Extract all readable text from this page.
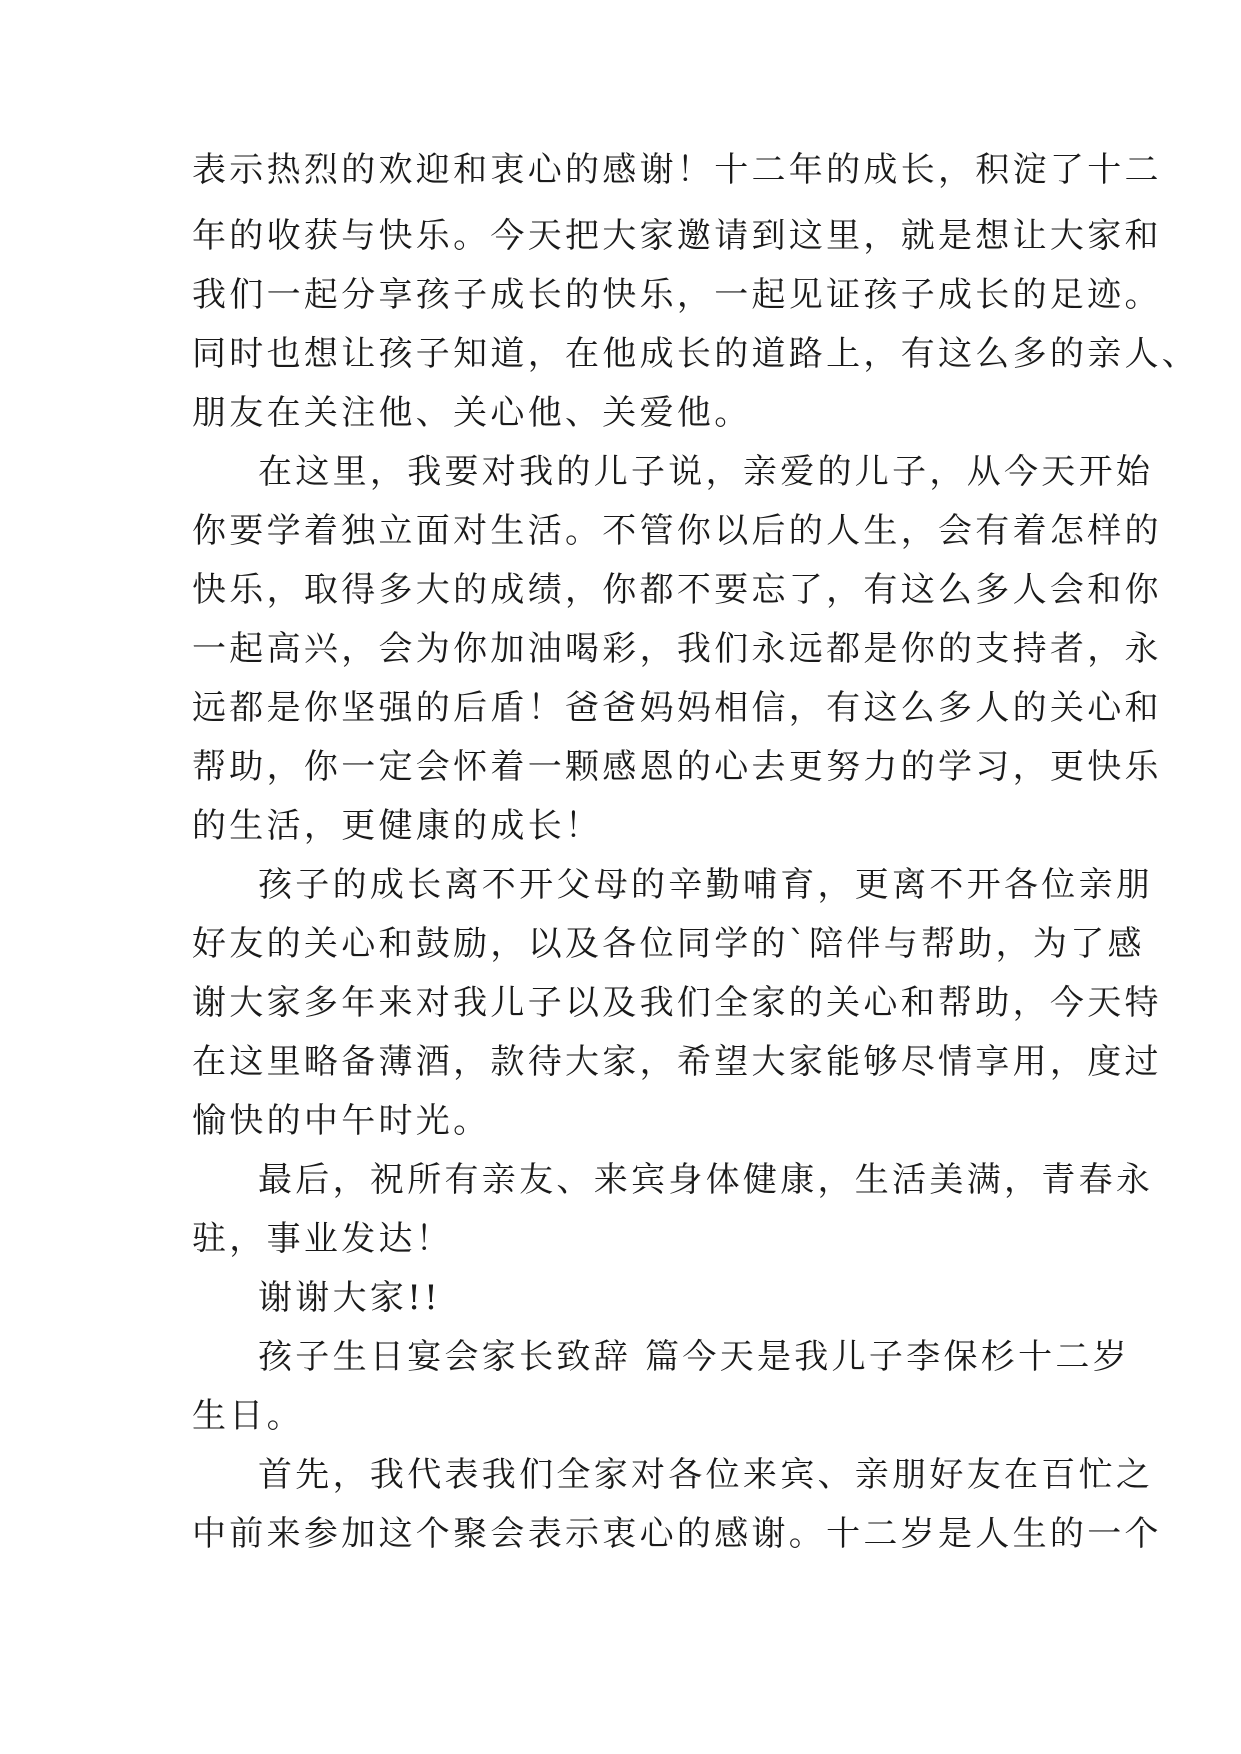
表示热烈的欢迎和衷心的感谢！十二年的成长，积淀了十二
年的收获与快乐。今天把大家邀请到这里，就是想让大家和
我们一起分享孩子成长的快乐，一起见证孩子成长的足迹。
同时也想让孩子知道，在他成长的道路上，有这么多的亲人、
朋友在关注他、关心他、关爱他。
在这里，我要对我的儿子说，亲爱的儿子，从今天开始
你要学着独立面对生活。不管你以后的人生，会有着怎样的
快乐，取得多大的成绩，你都不要忘了，有这么多人会和你
一起高兴，会为你加油喝彩，我们永远都是你的支持者，永
远都是你坚强的后盾！爸爸妈妈相信，有这么多人的关心和
帮助，你一定会怀着一颗感恩的心去更努力的学习，更快乐
的生活，更健康的成长！
孩子的成长离不开父母的辛勤哺育，更离不开各位亲朋
好友的关心和鼓励，以及各位同学的`陪伴与帮助，为了感
谢大家多年来对我儿子以及我们全家的关心和帮助，今天特
在这里略备薄酒，款待大家，希望大家能够尽情享用，度过
愉快的中午时光。
最后，祝所有亲友、来宾身体健康，生活美满，青春永
驻，事业发达！
谢谢大家!!
孩子生日宴会家长致辞 篇今天是我儿子李保杉十二岁
生日。
首先，我代表我们全家对各位来宾、亲朋好友在百忙之
中前来参加这个聚会表示衷心的感谢。十二岁是人生的一个
